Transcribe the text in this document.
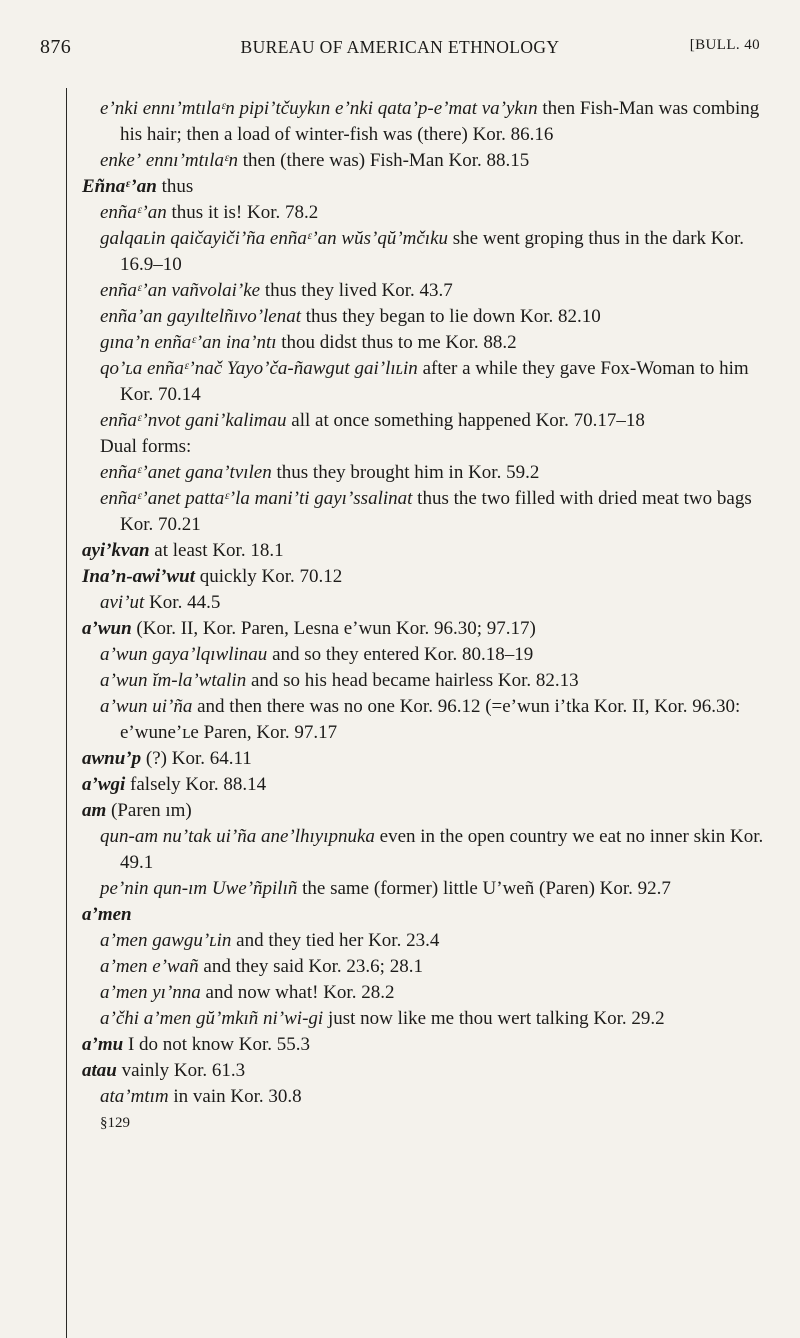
876	BUREAU OF AMERICAN ETHNOLOGY	[BULL. 40

eʼnki ennıʼmtılaᵋn pipiʼtčuykın eʼnki qataʼp-eʼmat vaʼykın then Fish-Man was combing his hair; then a load of winter-fish was (there) Kor. 86.16

enkeʼ ennıʼmtılaᵋn then (there was) Fish-Man Kor. 88.15

Eñnaᵋʼan thus

enñaᵋʼan thus it is! Kor. 78.2

galqaʟin qaičayiči’ña enñaᵋʼan wŭsʼqŭʼmčıku she went groping thus in the dark Kor. 16.9–10

enñaᵋʼan vañvolaiʼke thus they lived Kor. 43.7

enña’an gayıltelñıvoʼlenat thus they began to lie down Kor. 82.10

gına’n enñaᵋʼan inaʼntı thou didst thus to me Kor. 88.2

qoʼʟa enñaᵋʼnač Yayoʼča-ñawgut gaiʼlıʟin after a while they gave Fox-Woman to him Kor. 70.14

enñaᵋʼnvot ganiʼkalimau all at once something happened Kor. 70.17–18

Dual forms:

enñaᵋʼanet ganaʼtvılen thus they brought him in Kor. 59.2

enñaᵋʼanet pattaᵋʼla maniʼti gayıʼssalinat thus the two filled with dried meat two bags Kor. 70.21

ayiʼkvan at least Kor. 18.1

Inaʼn-awiʼwut quickly Kor. 70.12

aviʼut Kor. 44.5

aʼwun (Kor. II, Kor. Paren, Lesna eʼwun Kor. 96.30; 97.17)

aʼwun gayaʼlqıwlinau and so they entered Kor. 80.18–19

aʼwun ĭm-laʼwtalin and so his head became hairless Kor. 82.13

aʼwun uiʼña and then there was no one Kor. 96.12 (=eʼwun iʼtka Kor. II, Kor. 96.30: eʼwuneʼʟe Paren, Kor. 97.17

awnuʼp (?) Kor. 64.11

aʼwgi falsely Kor. 88.14

am (Paren ım)

qun-am nuʼtak uiʼña aneʼlhıyıpnuka even in the open country we eat no inner skin Kor. 49.1

peʼnin qun-ım Uweʼñpilıñ the same (former) little Uʼweñ (Paren) Kor. 92.7

aʼmen

aʼmen gawguʼʟin and they tied her Kor. 23.4

aʼmen eʼwañ and they said Kor. 23.6; 28.1

aʼmen yıʼnna and now what! Kor. 28.2

aʼčhi aʼmen gŭʼmkıñ niʼwi-gi just now like me thou wert talking Kor. 29.2

aʼmu I do not know Kor. 55.3

atau vainly Kor. 61.3

ataʼmtım in vain Kor. 30.8

§129
